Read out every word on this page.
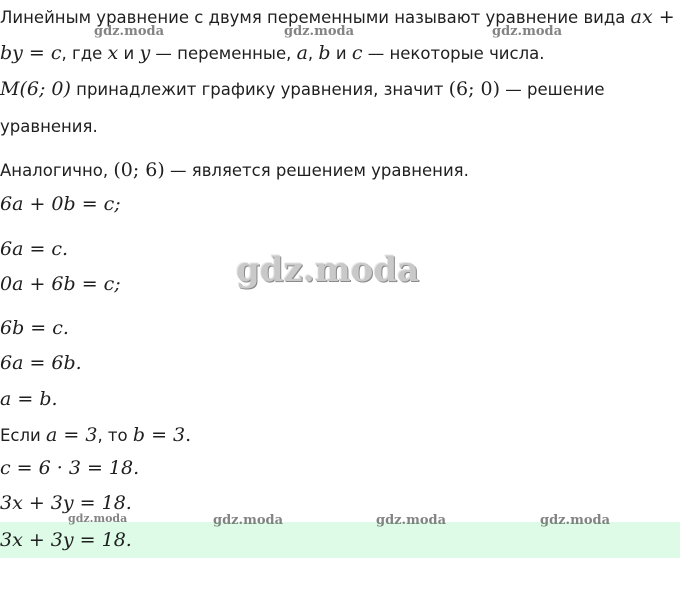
Линейным уравнение с двумя переменными называют уравнение вида ax +
by = c, где x и y — переменные, a, b и c — некоторые числа.
M(6; 0) принадлежит графику уравнения, значит (6; 0) — решение
уравнения.
Аналогично, (0; 6) — является решением уравнения.
6a + 0b = c;
6a = c.
0a + 6b = c;
6b = c.
6a = 6b.
a = b.
Если a = 3, то b = 3.
c = 6 · 3 = 18.
3x + 3y = 18.
3x + 3y = 18.
gdz.moda	gdz.moda	gdz.moda
gdz.moda
gdz.moda	gdz.moda	gdz.moda	gdz.moda
